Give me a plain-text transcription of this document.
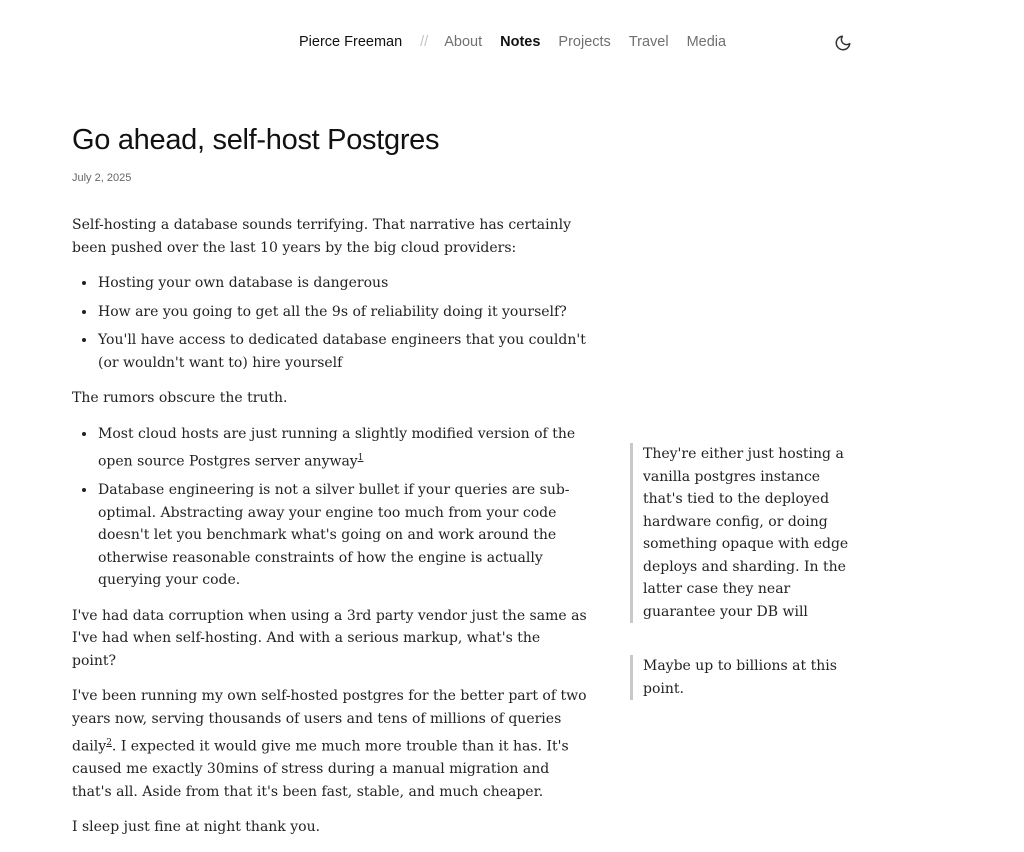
Pierce Freeman // About Notes Projects Travel Media
Go ahead, self-host Postgres
July 2, 2025

Self-hosting a database sounds terrifying. That narrative has certainly been pushed over the last 10 years by the big cloud providers:

• Hosting your own database is dangerous
• How are you going to get all the 9s of reliability doing it yourself?
• You'll have access to dedicated database engineers that you couldn't (or wouldn't want to) hire yourself

The rumors obscure the truth.

• Most cloud hosts are just running a slightly modified version of the open source Postgres server anyway$^1$
• Database engineering is not a silver bullet if your queries are sub-optimal. Abstracting away your engine too much from your code doesn't let you benchmark what's going on and work around the otherwise reasonable constraints of how the engine is actually querying your code.

I've had data corruption when using a 3rd party vendor just the same as I've had when self-hosting. And with a serious markup, what's the point?

I've been running my own self-hosted postgres for the better part of two years now, serving thousands of users and tens of millions of queries daily$^2$. I expected it would give me much more trouble than it has. It's caused me exactly 30mins of stress during a manual migration and that's all. Aside from that it's been fast, stable, and much cheaper.

I sleep just fine at night thank you.

They're either just hosting a vanilla postgres instance that's tied to the deployed hardware config, or doing something opaque with edge deploys and sharding. In the latter case they near guarantee your DB will
Maybe up to billions at this point.
